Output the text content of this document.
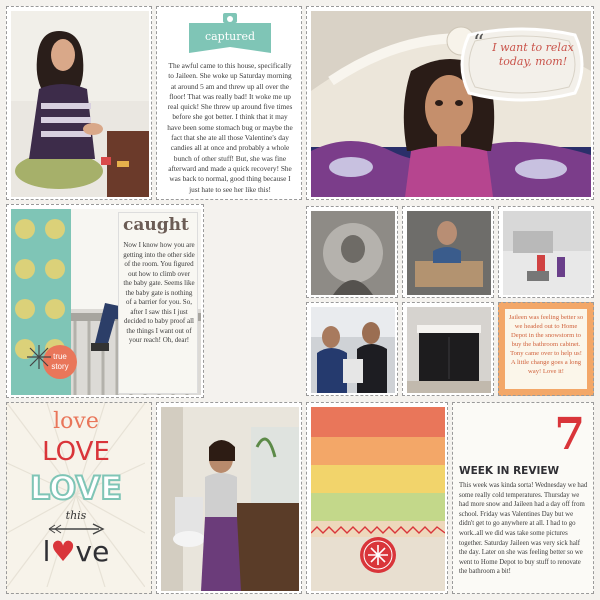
captured
The awful came to this house, specifically to Jaileen. She woke up Saturday morning at around 5 am and threw up all over the floor! That was really bad! It woke me up real quick! She threw up around five times before she got better. I think that it may have been some stomach bug or maybe the fact that she ate all those Valentine's day candies all at once and probably a whole bunch of other stuff! But, she was fine afterward and made a quick recovery! She was back to normal, good thing because I just hate to see her like this!
“ I want to relax today, mom!
true
story
caught
Now I know how you are getting into the other side of the room. You figured out how to climb over the baby gate. Seems like the baby gate is nothing of a barrier for you. So, after I saw this I just decided to baby proof all the things I want out of your reach! Oh, dear!
Jaileen was feeling better so we headed out to Home Depot in the snowstorm to buy the bathroom cabinet. Tony came over to help us! A little change goes a long way! Love it!
love
LOVE
LOVE
this
l♥ve
7
WEEK IN REVIEW
This week was kinda sorta! Wednesday we had some really cold temperatures. Thursday we had more snow and Jaileen had a day off from school. Friday was Valentines Day but we didn't get to go anywhere at all. I had to go work..all we did was take some pictures together. Saturday Jaileen was very sick half the day. Later on she was feeling better so we went to Home Depot to buy stuff to renovate the bathroom a bit!
